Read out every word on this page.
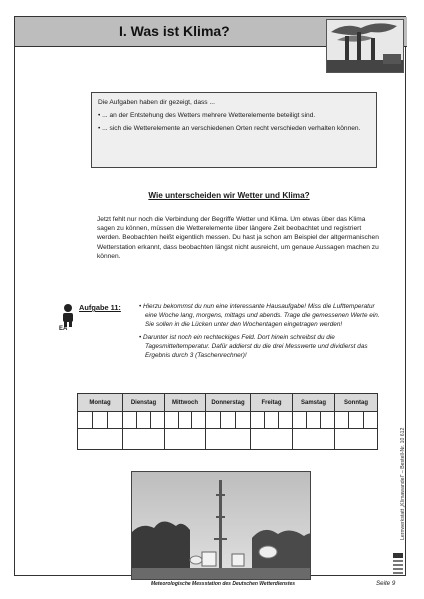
I. Was ist Klima?

Die Aufgaben haben dir gezeigt, dass ...

• ... an der Entstehung des Wetters mehrere Wetterelemente beteiligt sind.

• ... sich die Wetterelemente an verschiedenen Orten recht verschieden verhalten können.

Wie unterscheiden wir Wetter und Klima?
Jetzt fehlt nur noch die Verbindung der Begriffe Wetter und Klima. Um etwas über das Klima sagen zu können, müssen die Wetterelemente über längere Zeit beobachtet und registriert werden. Beobachten heißt eigentlich messen. Du hast ja schon am Beispiel der altgermanischen Wetterstation erkannt, dass beobachten längst nicht ausreicht, um genaue Aussagen machen zu können.
EA
Aufgabe 11:	• Hierzu bekommst du nun eine interessante Hausaufgabe! Miss die Lufttemperatur eine Woche lang, morgens, mittags und abends. Trage die gemessenen Werte ein. Sie sollen in die Lücken unter den Wochentagen eingetragen werden!

• Darunter ist noch ein rechteckiges Feld. Dort hinein schreibst du die Tagesmitteltemperatur. Dafür addierst du die drei Messwerte und dividierst das Ergebnis durch 3 (Taschenrechner)!

Montag	Dienstag	Mittwoch	Donnerstag	Freitag	Samstag	Sonntag

Meteorologische Messstation des Deutschen Wetterdienstes
Lernwerkstatt „Klimawandel“ – Bestell-Nr. 10 612
Seite 9
